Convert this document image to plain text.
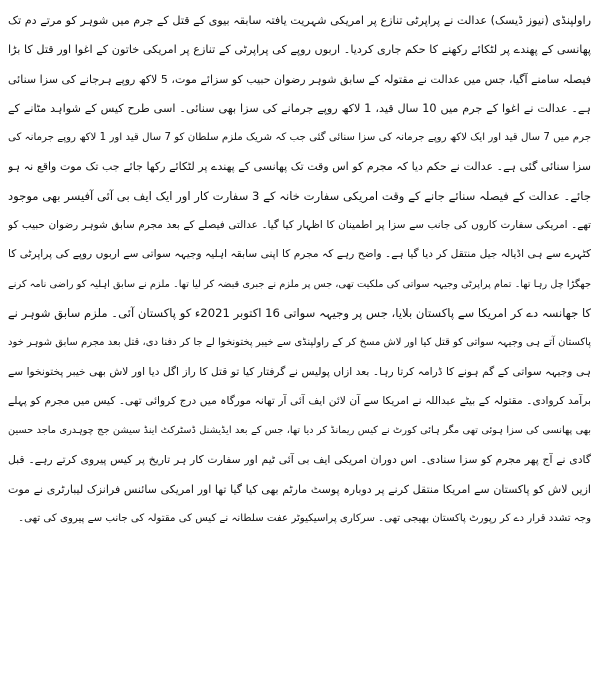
راولپنڈی (نیوز ڈیسک) عدالت نے پراپرٹی تنازع پر امریکی شہریت یافتہ سابقہ بیوی کے قتل کے جرم میں شوہر کو مرتے دم تک
پھانسی کے پھندے پر لٹکائے رکھنے کا حکم جاری کردیا۔ اربوں روپے کی پراپرٹی کے تنازع پر امریکی خاتون کے اغوا اور قتل کا بڑا
فیصلہ سامنے آگیا، جس میں عدالت نے مقتولہ کے سابق شوہر رضوان حبیب کو سزائے موت، 5 لاکھ روپے ہرجانے کی سزا سنائی
ہے۔ عدالت نے اغوا کے جرم میں 10 سال قید، 1 لاکھ روپے جرمانے کی سزا بھی سنائی۔ اسی طرح کیس کے شواہد مٹانے کے
جرم میں 7 سال قید اور ایک لاکھ روپے جرمانہ کی سزا سنائی گئی جب کہ شریک ملزم سلطان کو 7 سال قید اور 1 لاکھ روپے جرمانہ کی
سزا سنائی گئی ہے۔ عدالت نے حکم دیا کہ مجرم کو اس وقت تک پھانسی کے پھندے پر لٹکائے رکھا جائے جب تک موت واقع نہ ہو
جائے۔ عدالت کے فیصلہ سنائے جانے کے وقت امریکی سفارت خانہ کے 3 سفارت کار اور ایک ایف بی آئی آفیسر بھی موجود
تھے۔ امریکی سفارت کاروں کی جانب سے سزا پر اطمینان کا اظہار کیا گیا۔ عدالتی فیصلے کے بعد مجرم سابق شوہر رضوان حبیب کو
کٹہرے سے ہی اڈیالہ جیل منتقل کر دیا گیا ہے۔ واضح رہے کہ مجرم کا اپنی سابقہ اہلیہ وجیہہ سواتی سے اربوں روپے کی پراپرٹی کا
جھگڑا چل رہا تھا۔ تمام پراپرٹی وجیہہ سواتی کی ملکیت تھی، جس پر ملزم نے جبری قبضہ کر لیا تھا۔ ملزم نے سابق اہلیہ کو راضی نامہ کرنے
کا جھانسہ دے کر امریکا سے پاکستان بلایا، جس پر وجیہہ سواتی 16 اکتوبر 2021ء کو پاکستان آئی۔ ملزم سابق شوہر نے
پاکستان آتے ہی وجیہہ سواتی کو قتل کیا اور لاش مسخ کر کے راولپنڈی سے خیبر پختونخوا لے جا کر دفنا دی، قتل بعد مجرم سابق شوہر خود
ہی وجیہہ سواتی کے گم ہونے کا ڈرامہ کرتا رہا۔ بعد ازاں پولیس نے گرفتار کیا تو قتل کا راز اگل دیا اور لاش بھی خیبر پختونخوا سے
برآمد کروادی۔ مقتولہ کے بیٹے عبداللہ نے امریکا سے آن لائن ایف آئی آر تھانہ مورگاہ میں درج کروائی تھی۔ کیس میں مجرم کو پہلے
بھی پھانسی کی سزا ہوئی تھی مگر ہائی کورٹ نے کیس ریمانڈ کر دیا تھا، جس کے بعد ایڈیشنل ڈسٹرکٹ اینڈ سیشن جج چوہدری ماجد حسین
گادی نے آج پھر مجرم کو سزا سنادی۔ اس دوران امریکی ایف بی آئی ٹیم اور سفارت کار ہر تاریخ پر کیس پیروی کرتے رہے۔ قبل
ازیں لاش کو پاکستان سے امریکا منتقل کرنے پر دوبارہ پوسٹ مارٹم بھی کیا گیا تھا اور امریکی سائنس فرانزک لیبارٹری نے موت
وجہ تشدد قرار دے کر رپورٹ پاکستان بھیجی تھی۔ سرکاری پراسیکیوٹر عفت سلطانہ نے کیس کی مقتولہ کی جانب سے پیروی کی تھی۔
